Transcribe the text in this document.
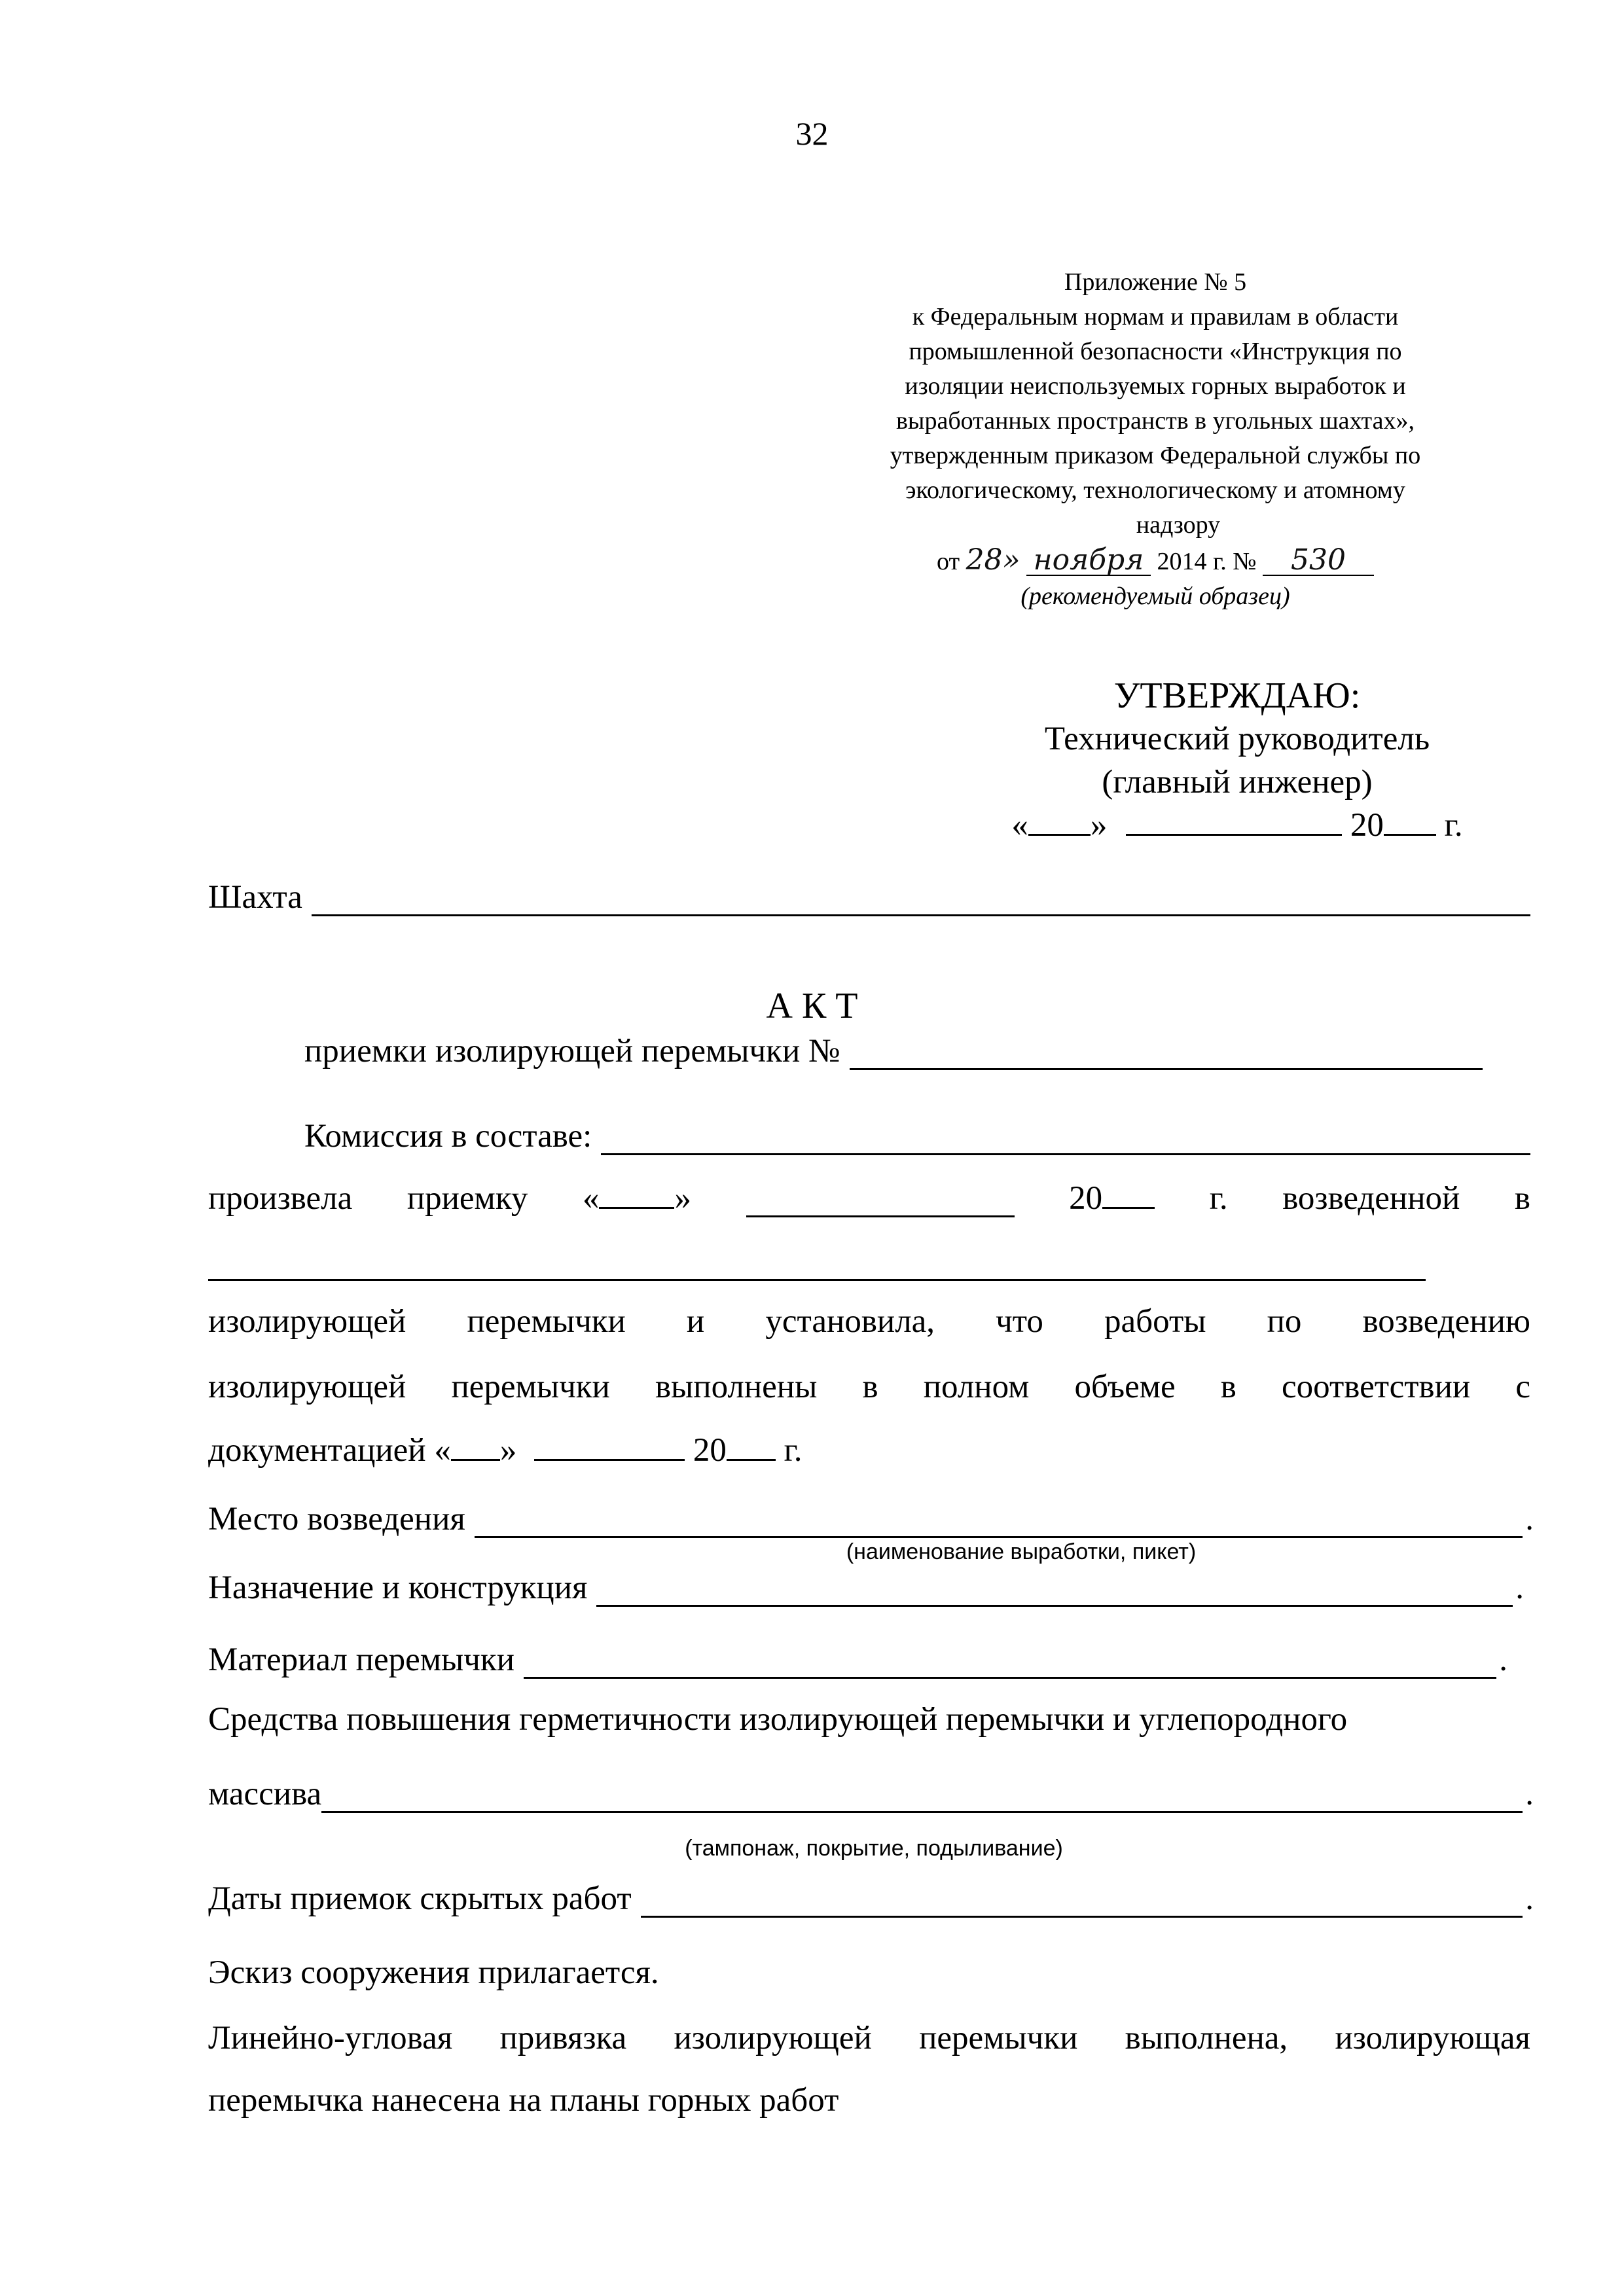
32
Приложение № 5
к Федеральным нормам и правилам в области
промышленной безопасности «Инструкция по
изоляции неиспользуемых горных выработок и
выработанных пространств в угольных шахтах»,
утвержденным приказом Федеральной службы по
экологическому, технологическому и атомному
надзору
от 28» ноября 2014 г. № 530
(рекомендуемый образец)
УТВЕРЖДАЮ:
Технический руководитель
(главный инженер)
« »	20 г.
Шахта
А К Т
приемки изолирующей перемычки №
Комиссия в составе:
произвела приемку « »	20	г. возведенной в
изолирующей перемычки и установила, что работы по возведению
изолирующей перемычки выполнены в полном объеме в соответствии с
документацией « »	20 г.
Место возведения	.
(наименование выработки, пикет)
Назначение и конструкция	.
Материал перемычки	.
Средства повышения герметичности изолирующей перемычки и углепородного
массива	.
(тампонаж, покрытие, подыливание)
Даты приемок скрытых работ	.
Эскиз сооружения прилагается.
Линейно-угловая привязка изолирующей перемычки выполнена, изолирующая
перемычка нанесена на планы горных работ
